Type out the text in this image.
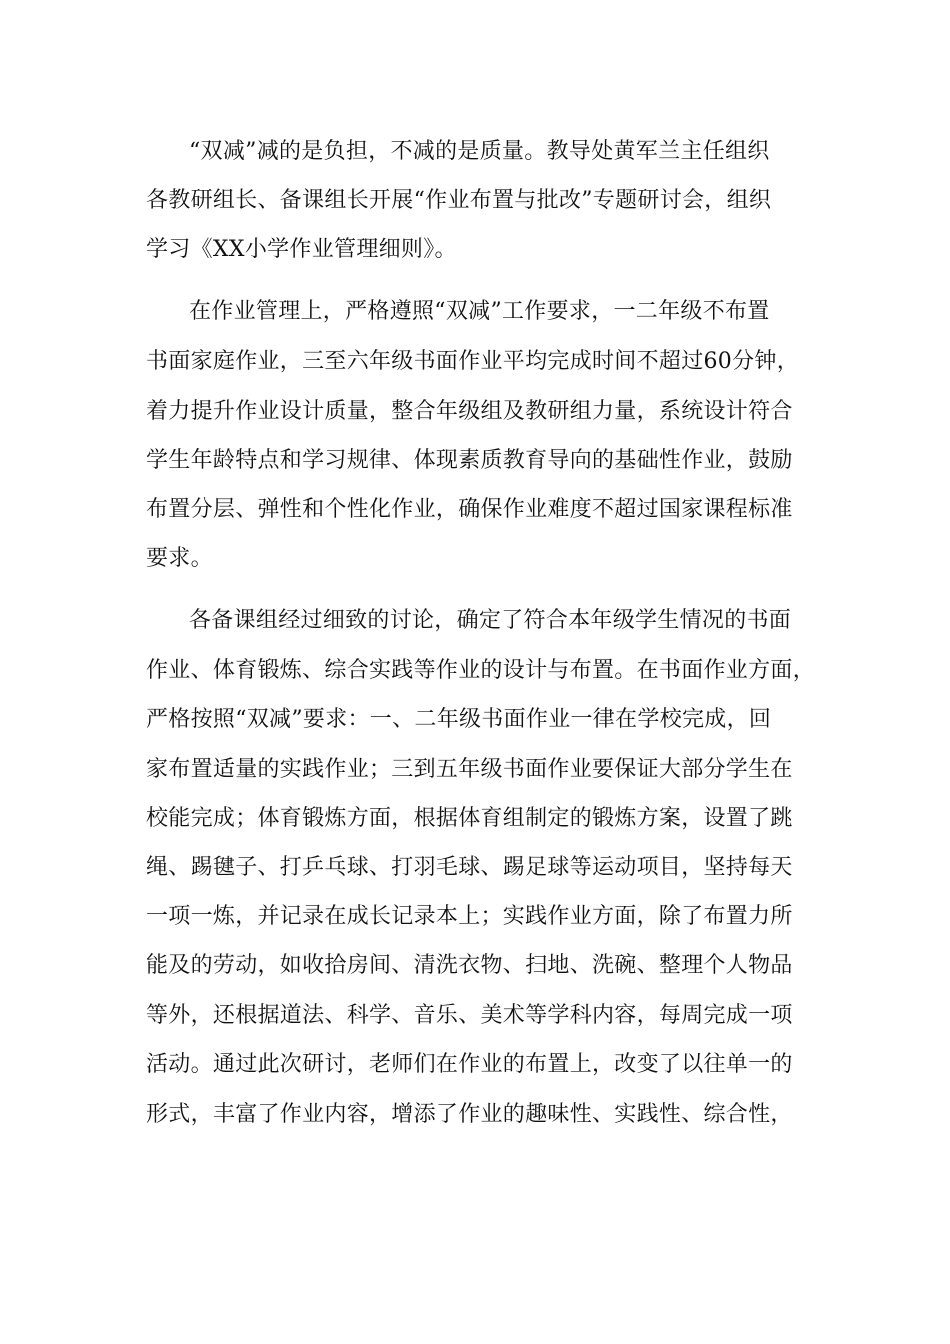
“双减”减的是负担，不减的是质量。教导处黄军兰主任组织
各教研组长、备课组长开展“作业布置与批改”专题研讨会，组织
学习《XX小学作业管理细则》。
在作业管理上，严格遵照“双减”工作要求，一二年级不布置
书面家庭作业，三至六年级书面作业平均完成时间不超过60分钟，
着力提升作业设计质量，整合年级组及教研组力量，系统设计符合
学生年龄特点和学习规律、体现素质教育导向的基础性作业，鼓励
布置分层、弹性和个性化作业，确保作业难度不超过国家课程标准
要求。
各备课组经过细致的讨论，确定了符合本年级学生情况的书面
作业、体育锻炼、综合实践等作业的设计与布置。在书面作业方面，
严格按照“双减”要求：一、二年级书面作业一律在学校完成，回
家布置适量的实践作业；三到五年级书面作业要保证大部分学生在
校能完成；体育锻炼方面，根据体育组制定的锻炼方案，设置了跳
绳、踢毽子、打乒乓球、打羽毛球、踢足球等运动项目，坚持每天
一项一炼，并记录在成长记录本上；实践作业方面，除了布置力所
能及的劳动，如收拾房间、清洗衣物、扫地、洗碗、整理个人物品
等外，还根据道法、科学、音乐、美术等学科内容，每周完成一项
活动。通过此次研讨，老师们在作业的布置上，改变了以往单一的
形式，丰富了作业内容，增添了作业的趣味性、实践性、综合性，
